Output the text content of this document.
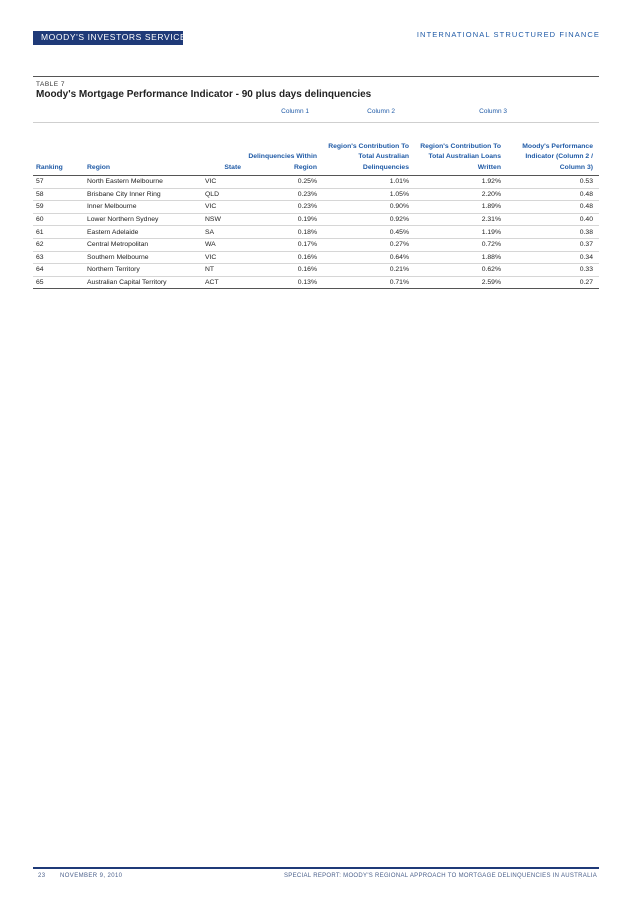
MOODY'S INVESTORS SERVICE	INTERNATIONAL STRUCTURED FINANCE
TABLE 7
Moody's Mortgage Performance Indicator - 90 plus days delinquencies
			Column 1	Column 2	Column 3	

Ranking	Region	State	Delinquencies Within Region	Region's Contribution To Total Australian Delinquencies	Region's Contribution To Total Australian Loans Written	Moody's Performance Indicator (Column 2 / Column 3)
57	North Eastern Melbourne	VIC	0.25%	1.01%	1.92%	0.53
58	Brisbane City Inner Ring	QLD	0.23%	1.05%	2.20%	0.48
59	Inner Melbourne	VIC	0.23%	0.90%	1.89%	0.48
60	Lower Northern Sydney	NSW	0.19%	0.92%	2.31%	0.40
61	Eastern Adelaide	SA	0.18%	0.45%	1.19%	0.38
62	Central Metropolitan	WA	0.17%	0.27%	0.72%	0.37
63	Southern Melbourne	VIC	0.16%	0.64%	1.88%	0.34
64	Northern Territory	NT	0.16%	0.21%	0.62%	0.33
65	Australian Capital Territory	ACT	0.13%	0.71%	2.59%	0.27
23 NOVEMBER 9, 2010	SPECIAL REPORT: MOODY'S REGIONAL APPROACH TO MORTGAGE DELINQUENCIES IN AUSTRALIA
